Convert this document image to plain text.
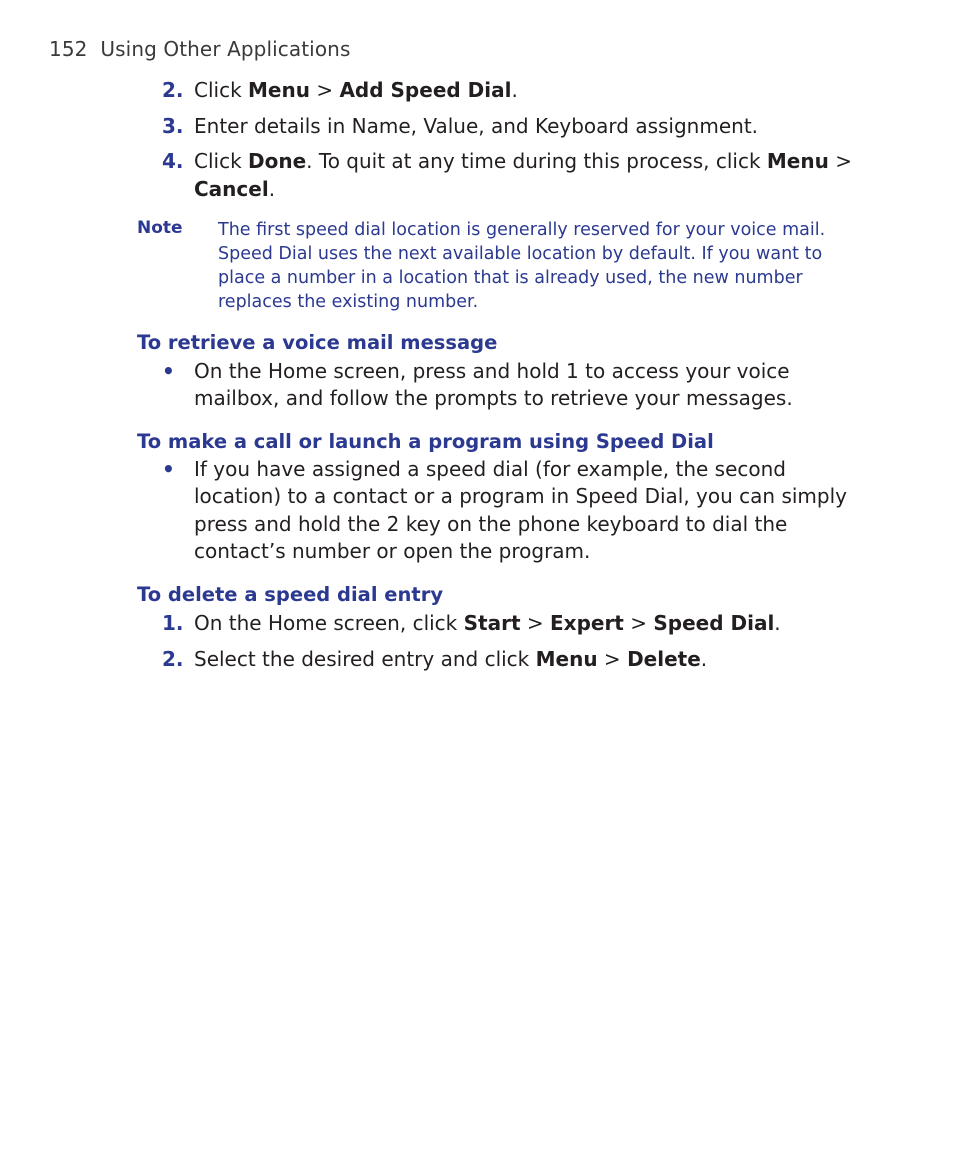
152 Using Other Applications
2. Click Menu > Add Speed Dial.
3. Enter details in Name, Value, and Keyboard assignment.
4. Click Done. To quit at any time during this process, click Menu > Cancel.
Note The first speed dial location is generally reserved for your voice mail. Speed Dial uses the next available location by default. If you want to place a number in a location that is already used, the new number replaces the existing number.
To retrieve a voice mail message
• On the Home screen, press and hold 1 to access your voice mailbox, and follow the prompts to retrieve your messages.
To make a call or launch a program using Speed Dial
• If you have assigned a speed dial (for example, the second location) to a contact or a program in Speed Dial, you can simply press and hold the 2 key on the phone keyboard to dial the contact’s number or open the program.
To delete a speed dial entry
1. On the Home screen, click Start > Expert > Speed Dial.
2. Select the desired entry and click Menu > Delete.
